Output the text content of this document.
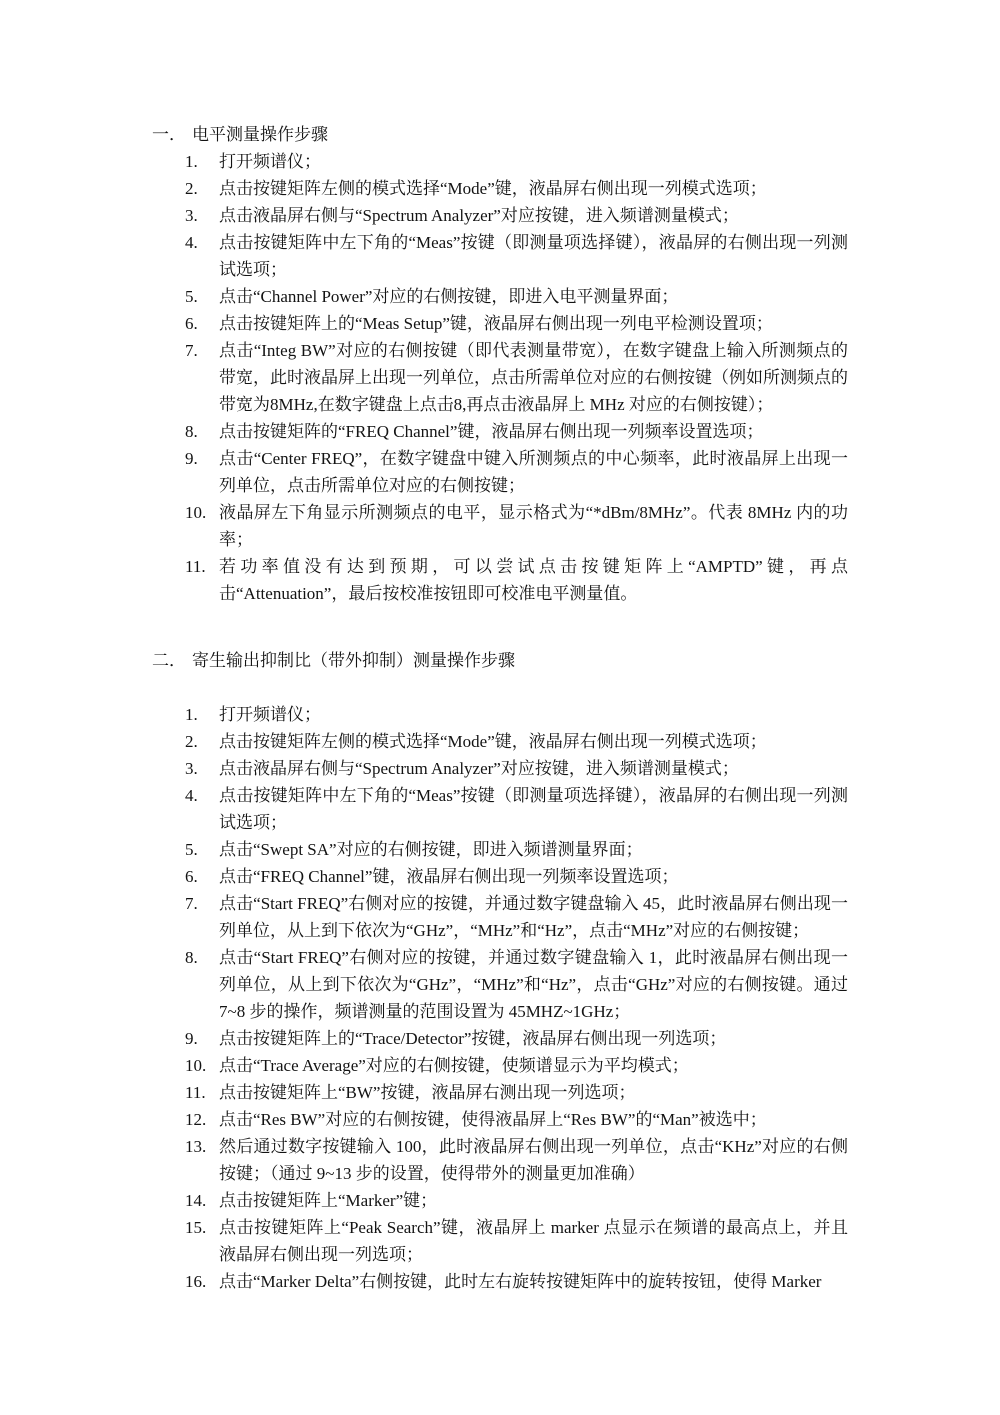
一． 电平测量操作步骤
1.	打开频谱仪；
2.	点击按键矩阵左侧的模式选择“Mode”键，液晶屏右侧出现一列模式选项；
3.	点击液晶屏右侧与“Spectrum Analyzer”对应按键，进入频谱测量模式；
4.	点击按键矩阵中左下角的“Meas”按键（即测量项选择键），液晶屏的右侧出现一列测试选项；
5.	点击“Channel Power”对应的右侧按键，即进入电平测量界面；
6.	点击按键矩阵上的“Meas Setup”键，液晶屏右侧出现一列电平检测设置项；
7.	点击“Integ BW”对应的右侧按键（即代表测量带宽），在数字键盘上输入所测频点的带宽，此时液晶屏上出现一列单位，点击所需单位对应的右侧按键（例如所测频点的带宽为8MHz,在数字键盘上点击8,再点击液晶屏上 MHz 对应的右侧按键）；
8.	点击按键矩阵的“FREQ Channel”键，液晶屏右侧出现一列频率设置选项；
9.	点击“Center FREQ”，在数字键盘中键入所测频点的中心频率，此时液晶屏上出现一列单位，点击所需单位对应的右侧按键；
10. 液晶屏左下角显示所测频点的电平，显示格式为“*dBm/8MHz”。代表 8MHz 内的功率；
11. 若功率值没有达到预期，可以尝试点击按键矩阵上“AMPTD”键，再点击“Attenuation”，最后按校准按钮即可校准电平测量值。
二． 寄生输出抑制比（带外抑制）测量操作步骤
1.	打开频谱仪；
2.	点击按键矩阵左侧的模式选择“Mode”键，液晶屏右侧出现一列模式选项；
3.	点击液晶屏右侧与“Spectrum Analyzer”对应按键，进入频谱测量模式；
4.	点击按键矩阵中左下角的“Meas”按键（即测量项选择键），液晶屏的右侧出现一列测试选项；
5.	点击“Swept SA”对应的右侧按键，即进入频谱测量界面；
6.	点击“FREQ Channel”键，液晶屏右侧出现一列频率设置选项；
7.	点击“Start FREQ”右侧对应的按键，并通过数字键盘输入 45，此时液晶屏右侧出现一列单位，从上到下依次为“GHz”，“MHz”和“Hz”，点击“MHz”对应的右侧按键；
8.	点击“Start FREQ”右侧对应的按键，并通过数字键盘输入 1，此时液晶屏右侧出现一列单位，从上到下依次为“GHz”，“MHz”和“Hz”，点击“GHz”对应的右侧按键。通过 7~8 步的操作，频谱测量的范围设置为 45MHZ~1GHz；
9.	点击按键矩阵上的“Trace/Detector”按键，液晶屏右侧出现一列选项；
10. 点击“Trace Average”对应的右侧按键，使频谱显示为平均模式；
11. 点击按键矩阵上“BW”按键，液晶屏右测出现一列选项；
12. 点击“Res BW”对应的右侧按键，使得液晶屏上“Res BW”的“Man”被选中；
13. 然后通过数字按键输入 100，此时液晶屏右侧出现一列单位，点击“KHz”对应的右侧按键；（通过 9~13 步的设置，使得带外的测量更加准确）
14. 点击按键矩阵上“Marker”键；
15. 点击按键矩阵上“Peak Search”键，液晶屏上 marker 点显示在频谱的最高点上，并且液晶屏右侧出现一列选项；
16. 点击“Marker Delta”右侧按键，此时左右旋转按键矩阵中的旋转按钮，使得 Marker
